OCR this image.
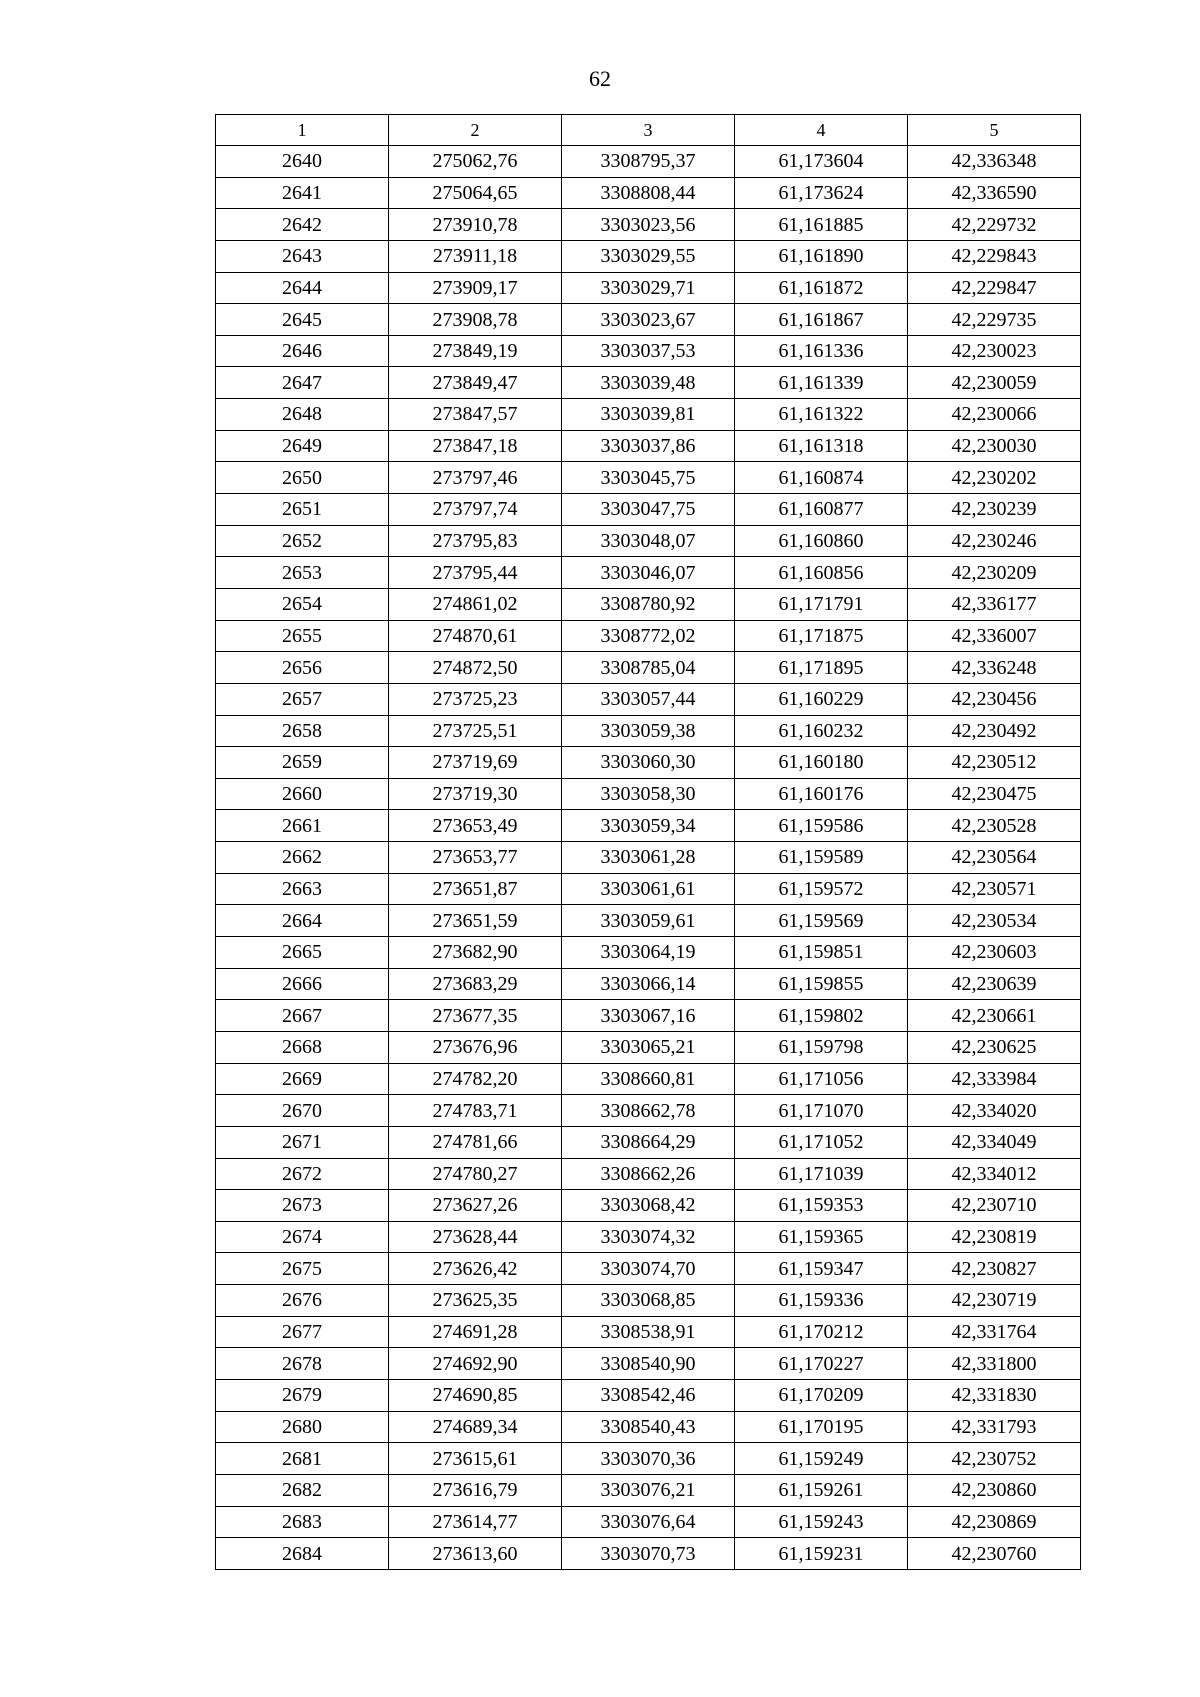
62
1	2	3	4	5
2640	275062,76	3308795,37	61,173604	42,336348
2641	275064,65	3308808,44	61,173624	42,336590
2642	273910,78	3303023,56	61,161885	42,229732
2643	273911,18	3303029,55	61,161890	42,229843
2644	273909,17	3303029,71	61,161872	42,229847
2645	273908,78	3303023,67	61,161867	42,229735
2646	273849,19	3303037,53	61,161336	42,230023
2647	273849,47	3303039,48	61,161339	42,230059
2648	273847,57	3303039,81	61,161322	42,230066
2649	273847,18	3303037,86	61,161318	42,230030
2650	273797,46	3303045,75	61,160874	42,230202
2651	273797,74	3303047,75	61,160877	42,230239
2652	273795,83	3303048,07	61,160860	42,230246
2653	273795,44	3303046,07	61,160856	42,230209
2654	274861,02	3308780,92	61,171791	42,336177
2655	274870,61	3308772,02	61,171875	42,336007
2656	274872,50	3308785,04	61,171895	42,336248
2657	273725,23	3303057,44	61,160229	42,230456
2658	273725,51	3303059,38	61,160232	42,230492
2659	273719,69	3303060,30	61,160180	42,230512
2660	273719,30	3303058,30	61,160176	42,230475
2661	273653,49	3303059,34	61,159586	42,230528
2662	273653,77	3303061,28	61,159589	42,230564
2663	273651,87	3303061,61	61,159572	42,230571
2664	273651,59	3303059,61	61,159569	42,230534
2665	273682,90	3303064,19	61,159851	42,230603
2666	273683,29	3303066,14	61,159855	42,230639
2667	273677,35	3303067,16	61,159802	42,230661
2668	273676,96	3303065,21	61,159798	42,230625
2669	274782,20	3308660,81	61,171056	42,333984
2670	274783,71	3308662,78	61,171070	42,334020
2671	274781,66	3308664,29	61,171052	42,334049
2672	274780,27	3308662,26	61,171039	42,334012
2673	273627,26	3303068,42	61,159353	42,230710
2674	273628,44	3303074,32	61,159365	42,230819
2675	273626,42	3303074,70	61,159347	42,230827
2676	273625,35	3303068,85	61,159336	42,230719
2677	274691,28	3308538,91	61,170212	42,331764
2678	274692,90	3308540,90	61,170227	42,331800
2679	274690,85	3308542,46	61,170209	42,331830
2680	274689,34	3308540,43	61,170195	42,331793
2681	273615,61	3303070,36	61,159249	42,230752
2682	273616,79	3303076,21	61,159261	42,230860
2683	273614,77	3303076,64	61,159243	42,230869
2684	273613,60	3303070,73	61,159231	42,230760
